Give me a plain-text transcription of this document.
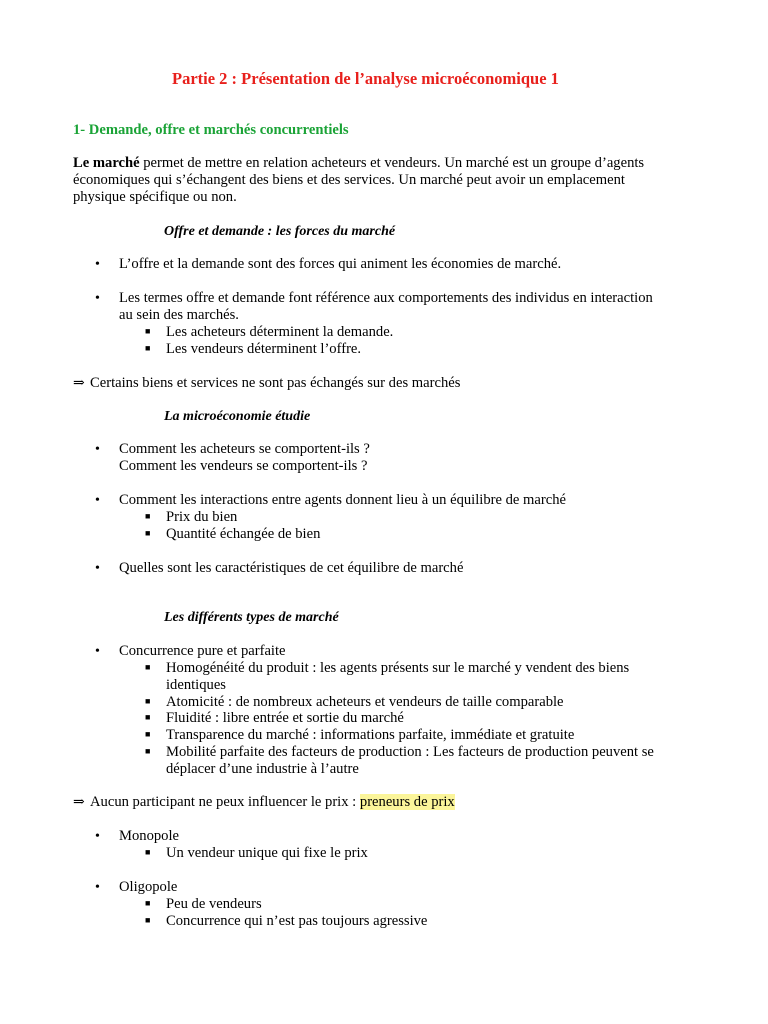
Partie 2 : Présentation de l’analyse microéconomique 1
1- Demande, offre et marchés concurrentiels
Le marché permet de mettre en relation acheteurs et vendeurs. Un marché est un groupe d’agents
économiques qui s’échangent des biens et des services. Un marché peut avoir un emplacement
physique spécifique ou non.
Offre et demande : les forces du marché
• L’offre et la demande sont des forces qui animent les économies de marché.
• Les termes offre et demande font référence aux comportements des individus en interaction
au sein des marchés.
■ Les acheteurs déterminent la demande.
■ Les vendeurs déterminent l’offre.
⇒ Certains biens et services ne sont pas échangés sur des marchés
La microéconomie étudie
• Comment les acheteurs se comportent-ils ?
Comment les vendeurs se comportent-ils ?
• Comment les interactions entre agents donnent lieu à un équilibre de marché
■ Prix du bien
■ Quantité échangée de bien
• Quelles sont les caractéristiques de cet équilibre de marché
Les différents types de marché
• Concurrence pure et parfaite
■ Homogénéité du produit : les agents présents sur le marché y vendent des biens
identiques
■ Atomicité : de nombreux acheteurs et vendeurs de taille comparable
■ Fluidité : libre entrée et sortie du marché
■ Transparence du marché : informations parfaite, immédiate et gratuite
■ Mobilité parfaite des facteurs de production : Les facteurs de production peuvent se
déplacer d’une industrie à l’autre
⇒ Aucun participant ne peux influencer le prix : preneurs de prix
• Monopole
■ Un vendeur unique qui fixe le prix
• Oligopole
■ Peu de vendeurs
■ Concurrence qui n’est pas toujours agressive
